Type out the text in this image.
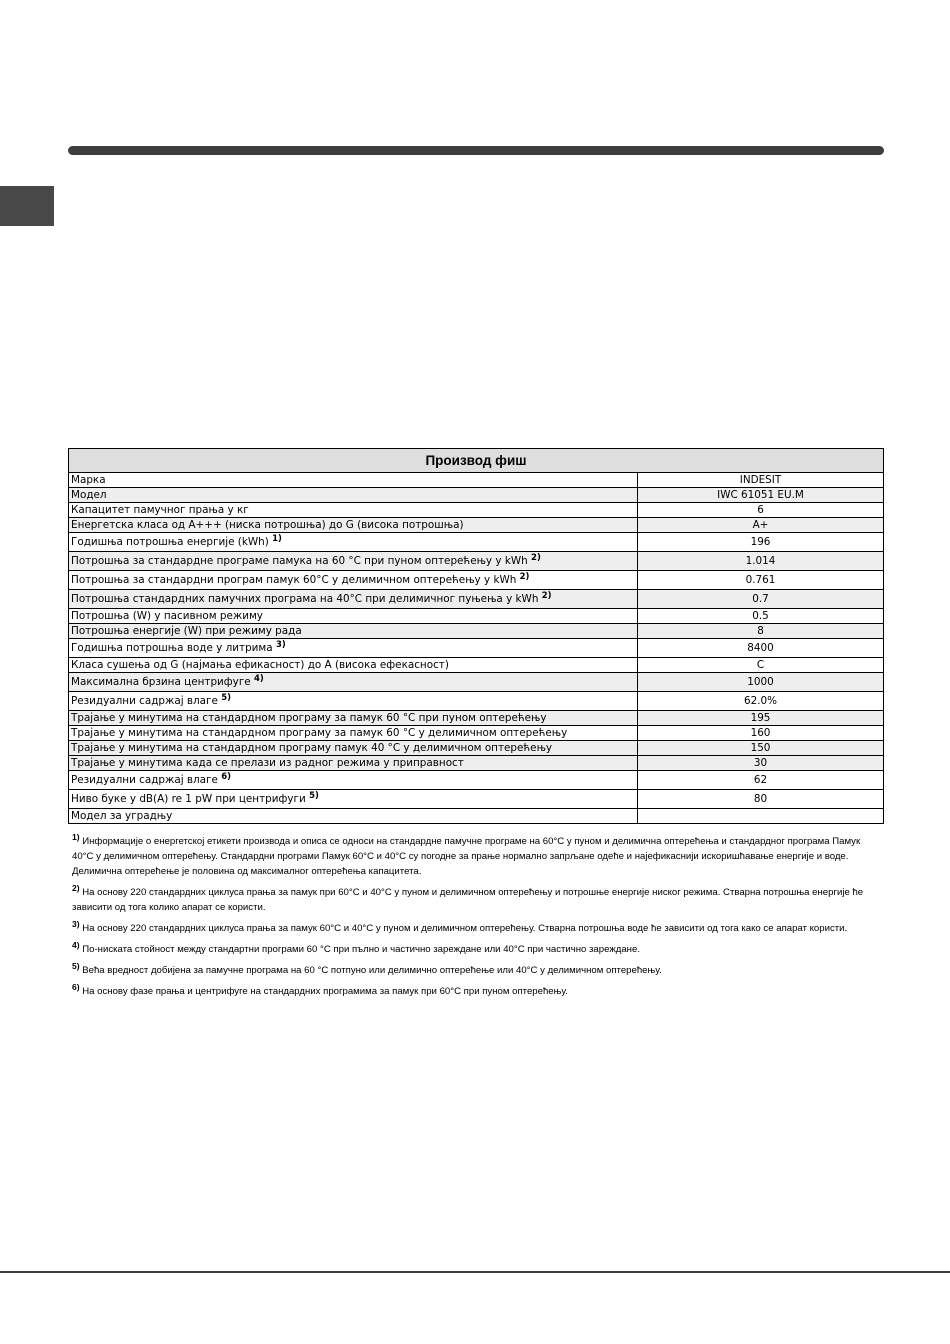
Производ фиш	
Марка	INDESIT
Модел	IWC 61051 EU.M
Капацитет памучног прања у кг	6
Енергетска класа од A+++ (ниска потрошња) до G (висока потрошња)	A+
Годишња потрошња енергије (kWh) $^{1)}$	196
Потрошња за стандардне програме памука на 60 °C при пуном оптерећењу у kWh $^{2)}$	1.014
Потрошња за стандардни програм памук 60°C у делимичном оптерећењу у kWh $^{2)}$	0.761
Потрошња стандардних памучних програма на 40°C при делимичног пуњења у kWh $^{2)}$	0.7
Потрошња (W) у пасивном режиму	0.5
Потрошња енергије (W) при режиму рада	8
Годишња потрошња воде у литрима $^{3)}$	8400
Класа сушења од G (најмања ефикасност) до A (висока ефекасност)	C
Максимална брзина центрифуге $^{4)}$	1000
Резидуални садржај влаге $^{5)}$	62.0%
Трајање у минутима на стандардном програму за памук 60 °C при пуном оптерећењу	195
Трајање у минутима на стандардном програму за памук 60 °C у делимичном оптерећењу	160
Трајање у минутима на стандардном програму памук 40 °C у делимичном оптерећењу	150
Трајање у минутима када се прелази из радног режима у приправност	30
Резидуални садржај влаге $^{6)}$	62
Ниво буке у dB(A) re 1 pW при центрифуги $^{5)}$	80
Модел за уградњу	
$^{1)}$ Информације о енергетској етикети производа и описа се односи на стандардне памучне програме на 60°C у пуном и делимична оптерећења и стандардног програма Памук 40°C у делимичном оптерећењу. Стандардни програми Памук 60°C и 40°C су погодне за прање нормално запрљане одеће и најефикаснији искоришћавање енергије и воде. Делимична оптерећење је половина од максималног оптерећења капацитета.
$^{2)}$ На основу 220 стандардних циклуса прања за памук при 60°C и 40°C у пуном и делимичном оптерећењу и потрошње енергије ниског режима. Стварна потрошња енергије ће зависити од тога колико апарат се користи.
$^{3)}$ На основу 220 стандардних циклуса прања за памук 60°C и 40°C у пуном и делимичном оптерећењу. Стварна потрошња воде ће зависити од тога како се апарат користи.
$^{4)}$ По-ниската стойност между стандартни програми 60 °C при пълно и частично зареждане или 40°C при частично зареждане.
$^{5)}$ Већа вредност добијена за памучне програма на 60 °C потпуно или делимично оптерећење или 40°C у делимичном оптерећењу.
$^{6)}$ На основу фазе прања и центрифуге на стандардних програмима за памук при 60°C при пуном оптерећењу.
